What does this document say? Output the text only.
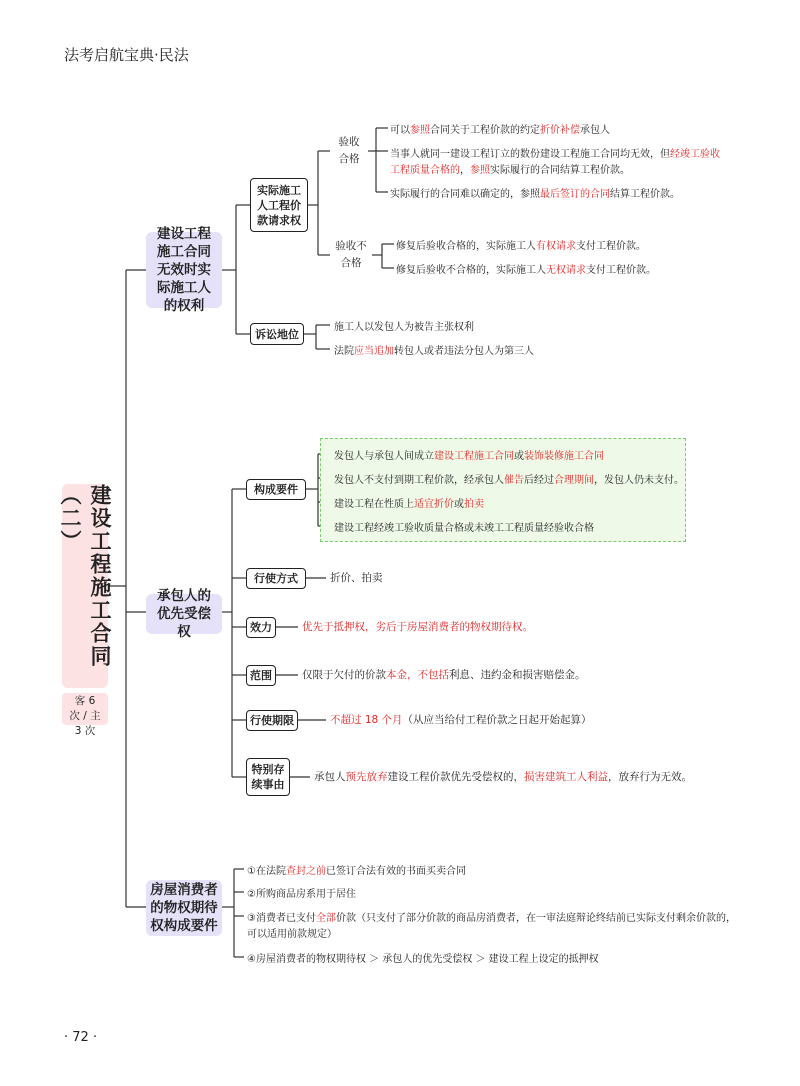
法考启航宝典·民法
建设工程施工合同（二）
客 6 次 / 主 3 次
建设工程施工合同无效时实际施工人的权利
实际施工人工程价款请求权
验收合格
可以参照合同关于工程价款的约定折价补偿承包人
当事人就同一建设工程订立的数份建设工程施工合同均无效，但经竣工验收
工程质量合格的，参照实际履行的合同结算工程价款。
实际履行的合同难以确定的，参照最后签订的合同结算工程价款。
验收不合格
修复后验收合格的，实际施工人有权请求支付工程价款。
修复后验收不合格的，实际施工人无权请求支付工程价款。
诉讼地位	施工人以发包人为被告主张权利
法院应当追加转包人或者违法分包人为第三人
承包人的优先受偿权
构成要件
发包人与承包人间成立建设工程施工合同或装饰装修施工合同
发包人不支付到期工程价款，经承包人催告后经过合理期间，发包人仍未支付。
建设工程在性质上适宜折价或拍卖
建设工程经竣工验收质量合格或未竣工工程质量经验收合格
行使方式	折价、拍卖
效力	优先于抵押权，劣后于房屋消费者的物权期待权。
范围	仅限于欠付的价款本金，不包括利息、违约金和损害赔偿金。
行使期限	不超过 18 个月（从应当给付工程价款之日起开始起算）
特别存续事由
承包人预先放弃建设工程价款优先受偿权的，损害建筑工人利益，放弃行为无效。
房屋消费者的物权期待权构成要件
①在法院查封之前已签订合法有效的书面买卖合同
②所购商品房系用于居住
③消费者已支付全部价款（只支付了部分价款的商品房消费者，在一审法庭辩论终结前已实际支付剩余价款的，
可以适用前款规定）
④房屋消费者的物权期待权 ＞ 承包人的优先受偿权 ＞ 建设工程上设定的抵押权
· 72 ·
